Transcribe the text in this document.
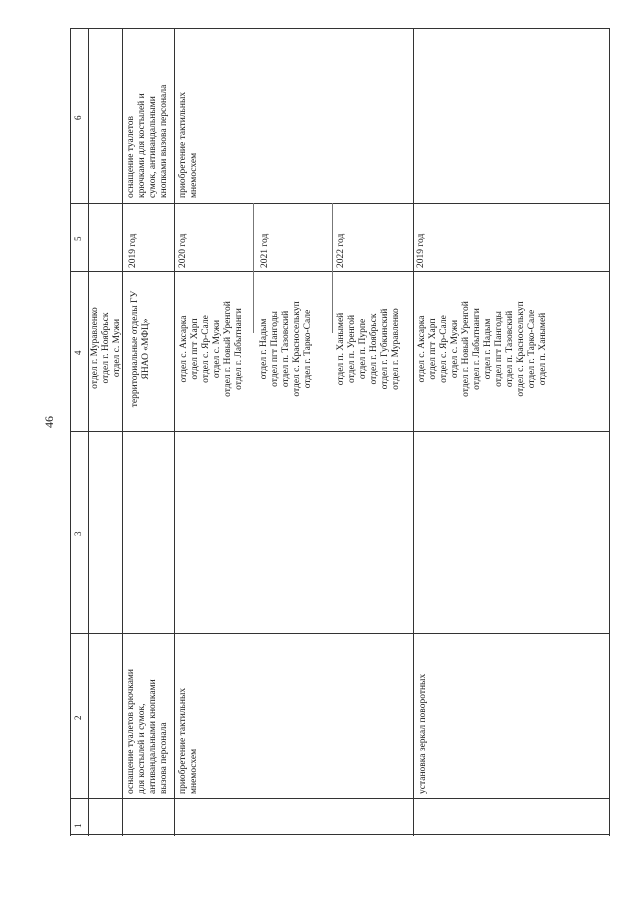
46
1
2
3
4
5
6
отдел г. Муравленко отдел г. Ноябрьск отдел с. Мужи
оснащение туалетов крючками для костылей и сумок, антивандальными кнопками вызова персонала
территориальные отделы ГУ ЯНАО «МФЦ»
2019 год
оснащение туалетов крючками для костылей и сумок, антивандальными кнопками вызова персонала
приобретение тактильных мнемосхем
приобретение тактильных мнемосхем
отдел с. Аксарка отдел пгт Харп отдел с. Яр-Сале отдел с. Мужи отдел г. Новый Уренгой отдел г. Лабытнанги
2020 год
отдел г. Надым отдел пгт Пангоды отдел п. Тазовский отдел с. Красноселькуп отдел г. Тарко-Сале
2021 год
отдел п. Ханымей отдел п. Уренгой отдел п. Пурпе отдел г. Ноябрьск отдел г. Губкинский отдел г. Муравленко
2022 год
установка зеркал поворотных
2019 год
отдел с. Аксарка отдел пгт Харп отдел с. Яр-Сале отдел с. Мужи отдел г. Новый Уренгой отдел г. Лабытнанги отдел г. Надым отдел пгт Пангоды отдел п. Тазовский отдел с. Красноселькуп отдел г. Тарко-Сале отдел п. Ханымей
